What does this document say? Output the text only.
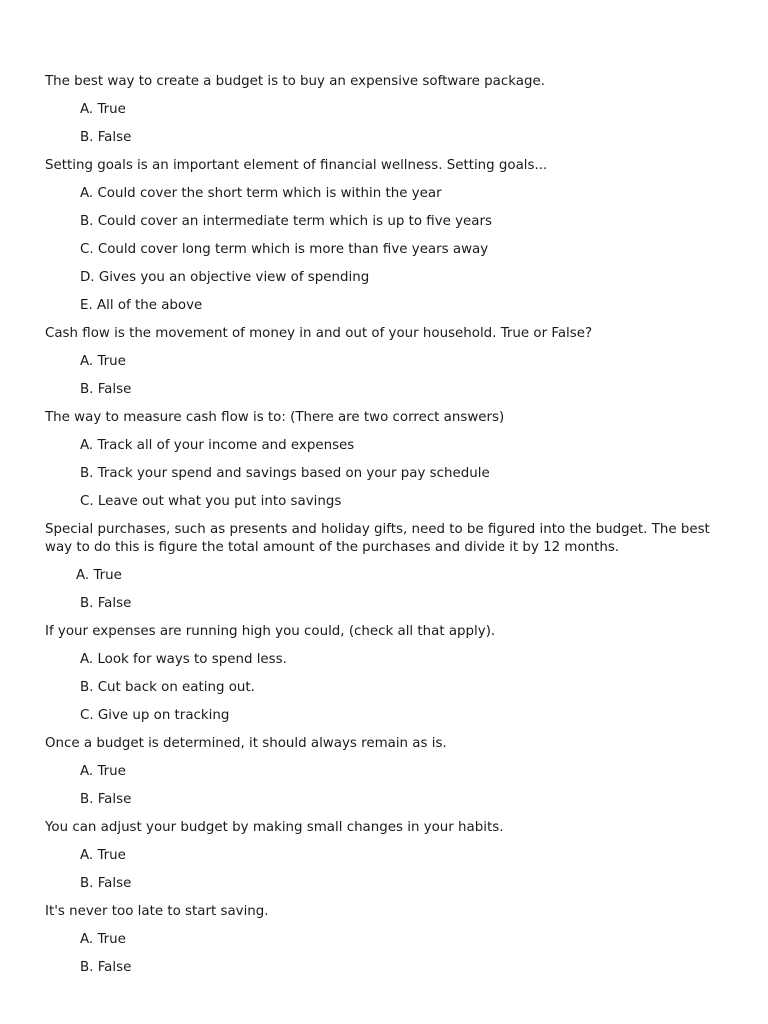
The best way to create a budget is to buy an expensive software package.
A. True
B. False
Setting goals is an important element of financial wellness. Setting goals...
A. Could cover the short term which is within the year
B. Could cover an intermediate term which is up to five years
C. Could cover long term which is more than five years away
D. Gives you an objective view of spending
E. All of the above
Cash flow is the movement of money in and out of your household. True or False?
A. True
B. False
The way to measure cash flow is to: (There are two correct answers)
A. Track all of your income and expenses
B. Track your spend and savings based on your pay schedule
C. Leave out what you put into savings
Special purchases, such as presents and holiday gifts, need to be figured into the budget. The best way to do this is figure the total amount of the purchases and divide it by 12 months.
A. True
B. False
If your expenses are running high you could, (check all that apply).
A. Look for ways to spend less.
B. Cut back on eating out.
C. Give up on tracking
Once a budget is determined, it should always remain as is.
A. True
B. False
You can adjust your budget by making small changes in your habits.
A. True
B. False
It's never too late to start saving.
A. True
B. False
